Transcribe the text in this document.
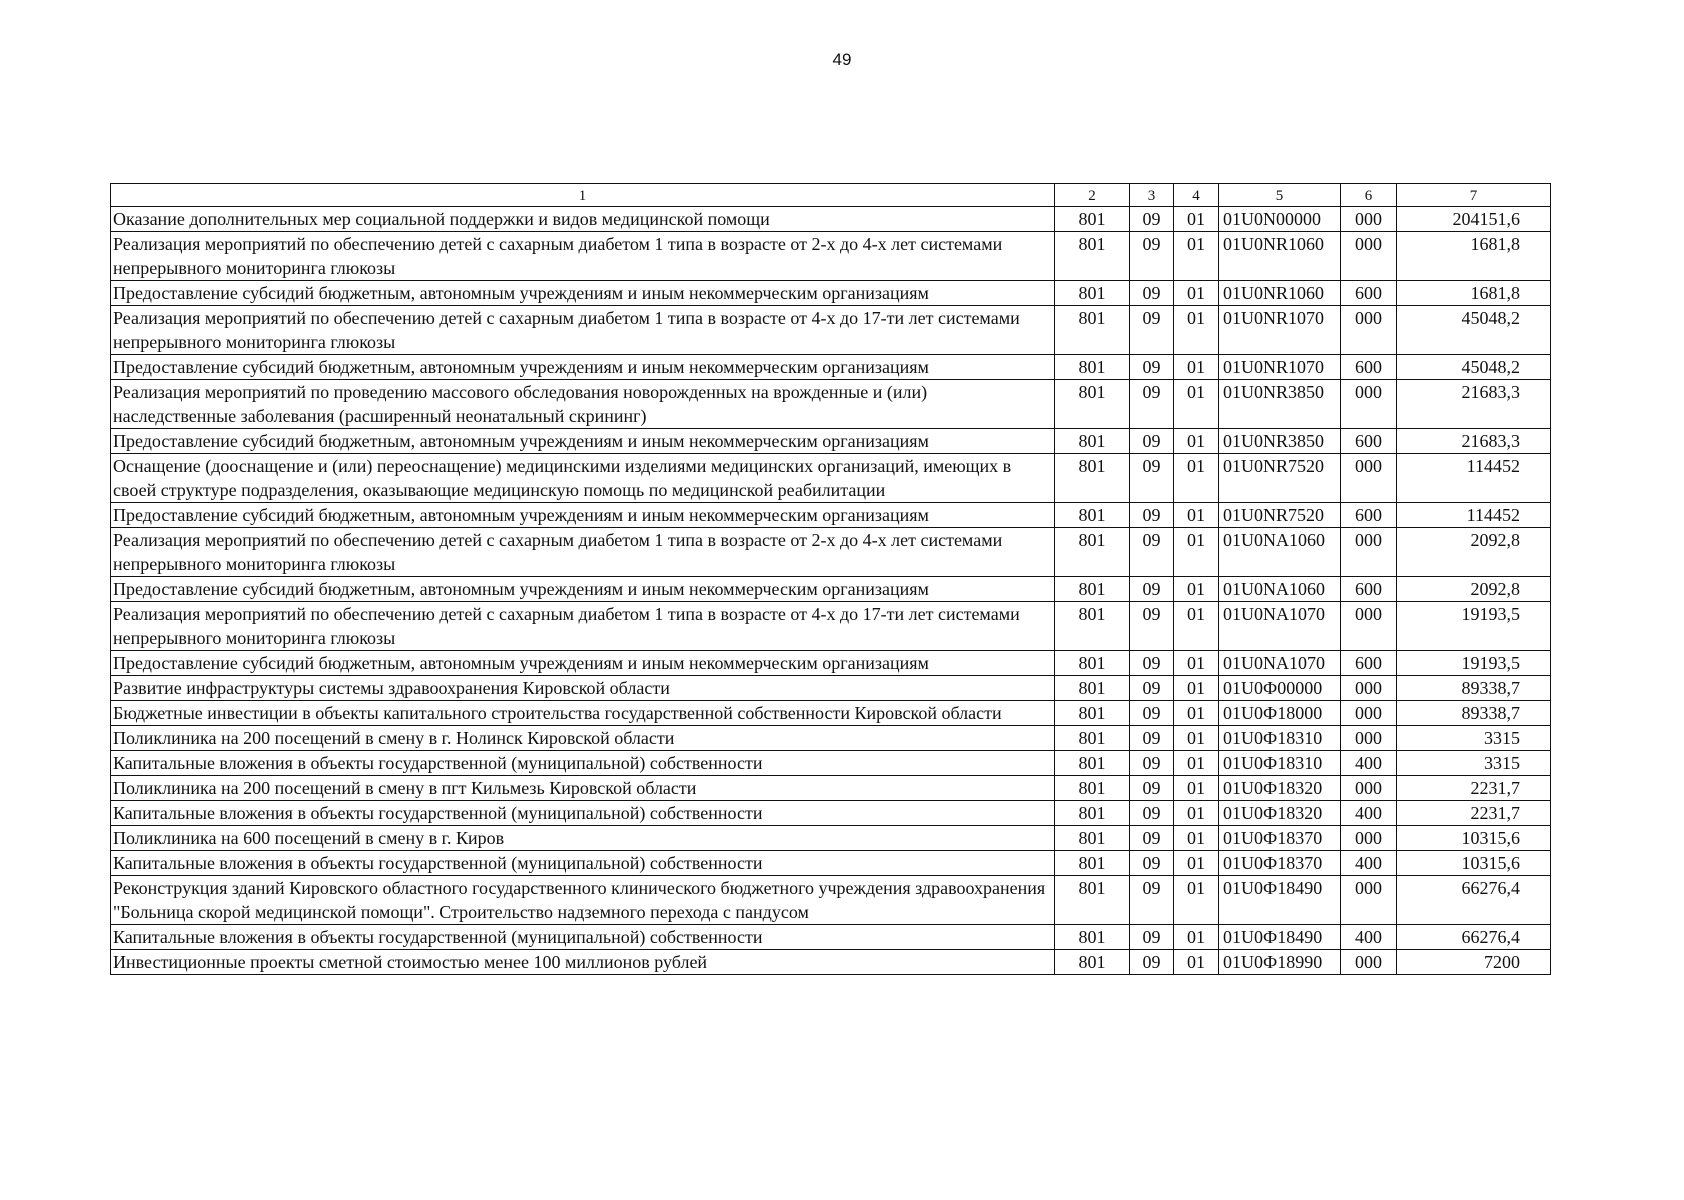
49
1	2	3	4	5	6	7
Оказание дополнительных мер социальной поддержки и видов медицинской помощи	801	09	01	01U0N00000	000	204151,6
Реализация мероприятий по обеспечению детей с сахарным диабетом 1 типа в возрасте от 2-х до 4-х лет системами непрерывного мониторинга глюкозы	801	09	01	01U0NR1060	000	1681,8
Предоставление субсидий бюджетным, автономным учреждениям и иным некоммерческим организациям	801	09	01	01U0NR1060	600	1681,8
Реализация мероприятий по обеспечению детей с сахарным диабетом 1 типа в возрасте от 4-х до 17-ти лет системами непрерывного мониторинга глюкозы	801	09	01	01U0NR1070	000	45048,2
Предоставление субсидий бюджетным, автономным учреждениям и иным некоммерческим организациям	801	09	01	01U0NR1070	600	45048,2
Реализация мероприятий по проведению массового обследования новорожденных на врожденные и (или) наследственные заболевания (расширенный неонатальный скрининг)	801	09	01	01U0NR3850	000	21683,3
Предоставление субсидий бюджетным, автономным учреждениям и иным некоммерческим организациям	801	09	01	01U0NR3850	600	21683,3
Оснащение (дооснащение и (или) переоснащение) медицинскими изделиями медицинских организаций, имеющих в своей структуре подразделения, оказывающие медицинскую помощь по медицинской реабилитации	801	09	01	01U0NR7520	000	114452
Предоставление субсидий бюджетным, автономным учреждениям и иным некоммерческим организациям	801	09	01	01U0NR7520	600	114452
Реализация мероприятий по обеспечению детей с сахарным диабетом 1 типа в возрасте от 2-х до 4-х лет системами непрерывного мониторинга глюкозы	801	09	01	01U0NA1060	000	2092,8
Предоставление субсидий бюджетным, автономным учреждениям и иным некоммерческим организациям	801	09	01	01U0NA1060	600	2092,8
Реализация мероприятий по обеспечению детей с сахарным диабетом 1 типа в возрасте от 4-х до 17-ти лет системами непрерывного мониторинга глюкозы	801	09	01	01U0NA1070	000	19193,5
Предоставление субсидий бюджетным, автономным учреждениям и иным некоммерческим организациям	801	09	01	01U0NA1070	600	19193,5
Развитие инфраструктуры системы здравоохранения Кировской области	801	09	01	01U0Ф00000	000	89338,7
Бюджетные инвестиции в объекты капитального строительства государственной собственности Кировской области	801	09	01	01U0Ф18000	000	89338,7
Поликлиника на 200 посещений в смену в г. Нолинск Кировской области	801	09	01	01U0Ф18310	000	3315
Капитальные вложения в объекты государственной (муниципальной) собственности	801	09	01	01U0Ф18310	400	3315
Поликлиника на 200 посещений в смену в пгт Кильмезь Кировской области	801	09	01	01U0Ф18320	000	2231,7
Капитальные вложения в объекты государственной (муниципальной) собственности	801	09	01	01U0Ф18320	400	2231,7
Поликлиника на 600 посещений в смену в г. Киров	801	09	01	01U0Ф18370	000	10315,6
Капитальные вложения в объекты государственной (муниципальной) собственности	801	09	01	01U0Ф18370	400	10315,6
Реконструкция зданий Кировского областного государственного клинического бюджетного учреждения здравоохранения "Больница скорой медицинской помощи". Строительство надземного перехода с пандусом	801	09	01	01U0Ф18490	000	66276,4
Капитальные вложения в объекты государственной (муниципальной) собственности	801	09	01	01U0Ф18490	400	66276,4
Инвестиционные проекты сметной стоимостью менее 100 миллионов рублей	801	09	01	01U0Ф18990	000	7200
